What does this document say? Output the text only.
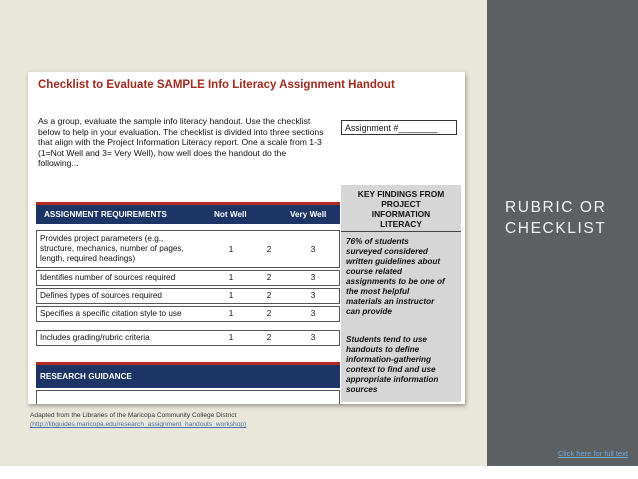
Checklist to Evaluate SAMPLE Info Literacy Assignment Handout
As a group, evaluate the sample info literacy handout. Use the checklist
below to help in your evaluation. The checklist is divided into three sections
that align with the Project Information Literacy report. One a scale from 1-3
(1=Not Well and 3= Very Well), how well does the handout do the
following...
Assignment #________
ASSIGNMENT REQUIREMENTS	Not Well	Very Well
Provides project parameters (e.g.,
structure, mechanics, number of pages,
length, required headings)
1	2	3
Identifies number of sources required	1	2	3
Defines types of sources required	1	2	3
Specifies a specific citation style to use	1	2	3
Includes grading/rubric criteria	1	2	3
RESEARCH GUIDANCE
KEY FINDINGS FROM
PROJECT
INFORMATION
LITERACY
76% of students
surveyed considered
written guidelines about
course related
assignments to be one of
the most helpful
materials an instructor
can provide
Students tend to use
handouts to define
information-gathering
context to find and use
appropriate information
sources
Adapted from the Libraries of the Maricopa Community College District
(http://libguides.maricopa.edu/research_assignment_handouts_workshop)
RUBRIC OR
CHECKLIST
Click here for full text
